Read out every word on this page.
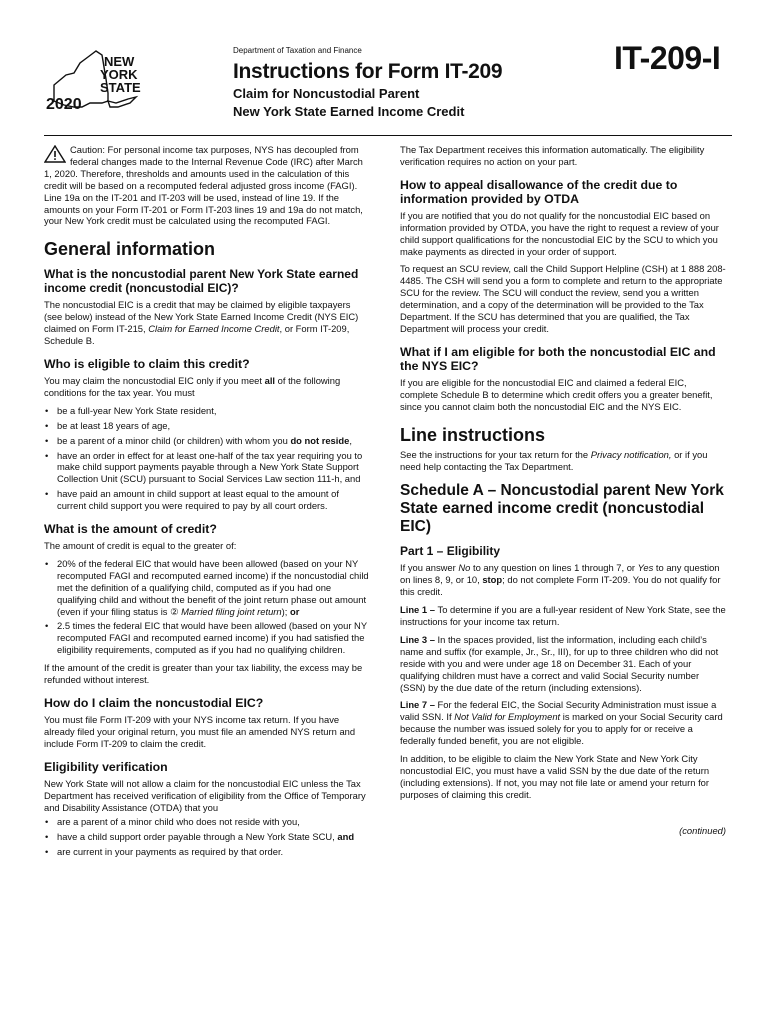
NEW
YORK
STATE
2020
Department of Taxation and Finance
Instructions for Form IT-209
Claim for Noncustodial Parent
New York State Earned Income Credit
IT-209-I

Caution: For personal income tax purposes, NYS has decoupled from federal changes made to the Internal Revenue Code (IRC) after March 1, 2020. Therefore, thresholds and amounts used in the calculation of this credit will be based on a recomputed federal adjusted gross income (FAGI). Line 19a on the IT-201 and IT-203 will be used, instead of line 19. If the amounts on your Form IT-201 or Form IT-203 lines 19 and 19a do not match, your New York credit must be calculated using the recomputed FAGI.

General information
What is the noncustodial parent New York State earned income credit (noncustodial EIC)?

The noncustodial EIC is a credit that may be claimed by eligible taxpayers (see below) instead of the New York State Earned Income Credit (NYS EIC) claimed on Form IT-215, Claim for Earned Income Credit, or Form IT-209, Schedule B.

Who is eligible to claim this credit?

You may claim the noncustodial EIC only if you meet all of the following conditions for the tax year. You must

• be a full-year New York State resident,
• be at least 18 years of age,
• be a parent of a minor child (or children) with whom you do not reside,
• have an order in effect for at least one-half of the tax year requiring you to make child support payments payable through a New York State Support Collection Unit (SCU) pursuant to Social Services Law section 111-h, and
• have paid an amount in child support at least equal to the amount of current child support you were required to pay by all court orders.
What is the amount of credit?

The amount of credit is equal to the greater of:

• 20% of the federal EIC that would have been allowed (based on your NY recomputed FAGI and recomputed earned income) if the noncustodial child met the definition of a qualifying child, computed as if you had one qualifying child and without the benefit of the joint return phase out amount (even if your filing status is ② Married filing joint return); or
• 2.5 times the federal EIC that would have been allowed (based on your NY recomputed FAGI and recomputed earned income) if you had satisfied the eligibility requirements, computed as if you had no qualifying children.

If the amount of the credit is greater than your tax liability, the excess may be refunded without interest.

How do I claim the noncustodial EIC?

You must file Form IT-209 with your NYS income tax return. If you have already filed your original return, you must file an amended NYS return and include Form IT-209 to claim the credit.

Eligibility verification

New York State will not allow a claim for the noncustodial EIC unless the Tax Department has received verification of eligibility from the Office of Temporary and Disability Assistance (OTDA) that you

• are a parent of a minor child who does not reside with you,
• have a child support order payable through a New York State SCU, and
• are current in your payments as required by that order.

The Tax Department receives this information automatically. The eligibility verification requires no action on your part.

How to appeal disallowance of the credit due to information provided by OTDA

If you are notified that you do not qualify for the noncustodial EIC based on information provided by OTDA, you have the right to request a review of your child support qualifications for the noncustodial EIC by the SCU to which you make payments as directed in your order of support.

To request an SCU review, call the Child Support Helpline (CSH) at 1 888 208-4485. The CSH will send you a form to complete and return to the appropriate SCU for the review. The SCU will conduct the review, send you a written determination, and a copy of the determination will be provided to the Tax Department. If the SCU has determined that you are qualified, the Tax Department will process your credit.

What if I am eligible for both the noncustodial EIC and the NYS EIC?

If you are eligible for the noncustodial EIC and claimed a federal EIC, complete Schedule B to determine which credit offers you a greater benefit, since you cannot claim both the noncustodial EIC and the NYS EIC.

Line instructions

See the instructions for your tax return for the Privacy notification, or if you need help contacting the Tax Department.

Schedule A – Noncustodial parent New York State earned income credit (noncustodial EIC)
Part 1 – Eligibility

If you answer No to any question on lines 1 through 7, or Yes to any question on lines 8, 9, or 10, stop; do not complete Form IT-209. You do not qualify for this credit.

Line 1 – To determine if you are a full-year resident of New York State, see the instructions for your income tax return.

Line 3 – In the spaces provided, list the information, including each child’s name and suffix (for example, Jr., Sr., III), for up to three children who did not reside with you and were under age 18 on December 31. Each of your qualifying children must have a correct and valid Social Security number (SSN) by the due date of the return (including extensions).

Line 7 – For the federal EIC, the Social Security Administration must issue a valid SSN. If Not Valid for Employment is marked on your Social Security card because the number was issued solely for you to apply for or receive a federally funded benefit, you are not eligible.

In addition, to be eligible to claim the New York State and New York City noncustodial EIC, you must have a valid SSN by the due date of the return (including extensions). If not, you may not file late or amend your return for purposes of claiming this credit.

(continued)
